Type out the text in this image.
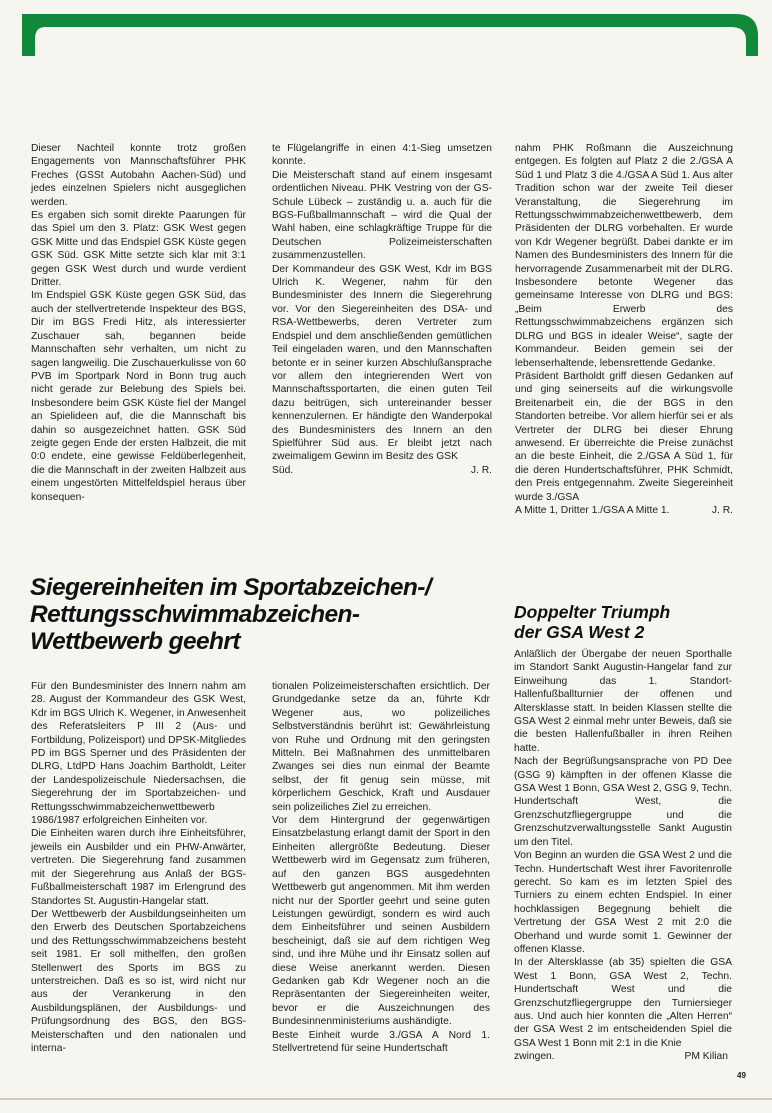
Dieser Nachteil konnte trotz großen Engagements von Mannschaftsführer PHK Freches (GSSt Autobahn Aachen-Süd) und jedes einzelnen Spielers nicht ausgeglichen werden.

Es ergaben sich somit direkte Paarungen für das Spiel um den 3. Platz: GSK West gegen GSK Mitte und das Endspiel GSK Küste gegen GSK Süd. GSK Mitte setzte sich klar mit 3:1 gegen GSK West durch und wurde verdient Dritter.

Im Endspiel GSK Küste gegen GSK Süd, das auch der stellvertretende Inspekteur des BGS, Dir im BGS Fredi Hitz, als interessierter Zuschauer sah, begannen beide Mannschaften sehr verhalten, um nicht zu sagen langweilig. Die Zuschauerkulisse von 60 PVB im Sportpark Nord in Bonn trug auch nicht gerade zur Belebung des Spiels bei. Insbesondere beim GSK Küste fiel der Mangel an Spielideen auf, die die Mannschaft bis dahin so ausgezeichnet hatten. GSK Süd zeigte gegen Ende der ersten Halbzeit, die mit 0:0 endete, eine gewisse Feldüberlegenheit, die die Mannschaft in der zweiten Halbzeit aus einem ungestörten Mittelfeldspiel heraus über konsequen-

te Flügelangriffe in einen 4:1-Sieg umsetzen konnte.

Die Meisterschaft stand auf einem insgesamt ordentlichen Niveau. PHK Vestring von der GS-Schule Lübeck – zuständig u. a. auch für die BGS-Fußballmannschaft – wird die Qual der Wahl haben, eine schlagkräftige Truppe für die Deutschen Polizeimeisterschaften zusammenzustellen.

Der Kommandeur des GSK West, Kdr im BGS Ulrich K. Wegener, nahm für den Bundesminister des Innern die Siegerehrung vor. Vor den Siegereinheiten des DSA- und RSA-Wettbewerbs, deren Vertreter zum Endspiel und dem anschließenden gemütlichen Teil eingeladen waren, und den Mannschaften betonte er in seiner kurzen Abschlußansprache vor allem den integrierenden Wert von Mannschaftssportarten, die einen guten Teil dazu beitrügen, sich untereinander besser kennenzulernen. Er händigte den Wanderpokal des Bundesministers des Innern an den Spielführer Süd aus. Er bleibt jetzt nach zweimaligem Gewinn im Besitz des GSK

Süd.	J. R.

nahm PHK Roßmann die Auszeichnung entgegen. Es folgten auf Platz 2 die 2./GSA A Süd 1 und Platz 3 die 4./GSA A Süd 1. Aus alter Tradition schon war der zweite Teil dieser Veranstaltung, die Siegerehrung im Rettungsschwimmabzeichenwettbewerb, dem Präsidenten der DLRG vorbehalten. Er wurde von Kdr Wegener begrüßt. Dabei dankte er im Namen des Bundesministers des Innern für die hervorragende Zusammenarbeit mit der DLRG. Insbesondere betonte Wegener das gemeinsame Interesse von DLRG und BGS: „Beim Erwerb des Rettungsschwimmabzeichens ergänzen sich DLRG und BGS in idealer Weise“, sagte der Kommandeur. Beiden gemein sei der lebenserhaltende, lebensrettende Gedanke.

Präsident Bartholdt griff diesen Gedanken auf und ging seinerseits auf die wirkungsvolle Breitenarbeit ein, die der BGS in den Standorten betreibe. Vor allem hierfür sei er als Vertreter der DLRG bei dieser Ehrung anwesend. Er überreichte die Preise zunächst an die beste Einheit, die 2./GSA A Süd 1, für die deren Hundertschaftsführer, PHK Schmidt, den Preis entgegennahm. Zweite Siegereinheit wurde 3./GSA

A Mitte 1, Dritter 1./GSA A Mitte 1.	J. R.
Siegereinheiten im Sportabzeichen-/
Rettungsschwimmabzeichen-
Wettbewerb geehrt

Für den Bundesminister des Innern nahm am 28. August der Kommandeur des GSK West, Kdr im BGS Ulrich K. Wegener, in Anwesenheit des Referatsleiters P III 2 (Aus- und Fortbildung, Polizeisport) und DPSK-Mitgliedes PD im BGS Sperner und des Präsidenten der DLRG, LtdPD Hans Joachim Bartholdt, Leiter der Landespolizeischule Niedersachsen, die Siegerehrung der im Sportabzeichen- und Rettungsschwimmabzeichenwettbewerb 1986/1987 erfolgreichen Einheiten vor.

Die Einheiten waren durch ihre Einheitsführer, jeweils ein Ausbilder und ein PHW-Anwärter, vertreten. Die Siegerehrung fand zusammen mit der Siegerehrung aus Anlaß der BGS-Fußballmeisterschaft 1987 im Erlengrund des Standortes St. Augustin-Hangelar statt.

Der Wettbewerb der Ausbildungseinheiten um den Erwerb des Deutschen Sportabzeichens und des Rettungsschwimmabzeichens besteht seit 1981. Er soll mithelfen, den großen Stellenwert des Sports im BGS zu unterstreichen. Daß es so ist, wird nicht nur aus der Verankerung in den Ausbildungsplänen, der Ausbildungs- und Prüfungsordnung des BGS, den BGS-Meisterschaften und den nationalen und interna-

tionalen Polizeimeisterschaften ersichtlich. Der Grundgedanke setze da an, führte Kdr Wegener aus, wo polizeiliches Selbstverständnis berührt ist: Gewährleistung von Ruhe und Ordnung mit den geringsten Mitteln. Bei Maßnahmen des unmittelbaren Zwanges sei dies nun einmal der Beamte selbst, der fit genug sein müsse, mit körperlichem Geschick, Kraft und Ausdauer sein polizeiliches Ziel zu erreichen.

Vor dem Hintergrund der gegenwärtigen Einsatzbelastung erlangt damit der Sport in den Einheiten allergrößte Bedeutung. Dieser Wettbewerb wird im Gegensatz zum früheren, auf den ganzen BGS ausgedehnten Wettbewerb gut angenommen. Mit ihm werden nicht nur der Sportler geehrt und seine guten Leistungen gewürdigt, sondern es wird auch dem Einheitsführer und seinen Ausbildern bescheinigt, daß sie auf dem richtigen Weg sind, und ihre Mühe und ihr Einsatz sollen auf diese Weise anerkannt werden. Diesen Gedanken gab Kdr Wegener noch an die Repräsentanten der Siegereinheiten weiter, bevor er die Auszeichnungen des Bundesinnenministeriums aushändigte.

Beste Einheit wurde 3./GSA A Nord 1. Stellvertretend für seine Hundertschaft

Doppelter Triumph
der GSA West 2

Anläßlich der Übergabe der neuen Sporthalle im Standort Sankt Augustin-Hangelar fand zur Einweihung das 1. Standort-Hallenfußballturnier der offenen und Altersklasse statt. In beiden Klassen stellte die GSA West 2 einmal mehr unter Beweis, daß sie die besten Hallenfußballer in ihren Reihen hatte.

Nach der Begrüßungsansprache von PD Dee (GSG 9) kämpften in der offenen Klasse die GSA West 1 Bonn, GSA West 2, GSG 9, Techn. Hundertschaft West, die Grenzschutzfliegergruppe und die Grenzschutzverwaltungsstelle Sankt Augustin um den Titel.

Von Beginn an wurden die GSA West 2 und die Techn. Hundertschaft West ihrer Favoritenrolle gerecht. So kam es im letzten Spiel des Turniers zu einem echten Endspiel. In einer hochklassigen Begegnung behielt die Vertretung der GSA West 2 mit 2:0 die Oberhand und wurde somit 1. Gewinner der offenen Klasse.

In der Altersklasse (ab 35) spielten die GSA West 1 Bonn, GSA West 2, Techn. Hundertschaft West und die Grenzschutzfliegergruppe den Turniersieger aus. Und auch hier konnten die „Alten Herren“ der GSA West 2 im entscheidenden Spiel die GSA West 1 Bonn mit 2:1 in die Knie

zwingen.	PM Kilian
49
